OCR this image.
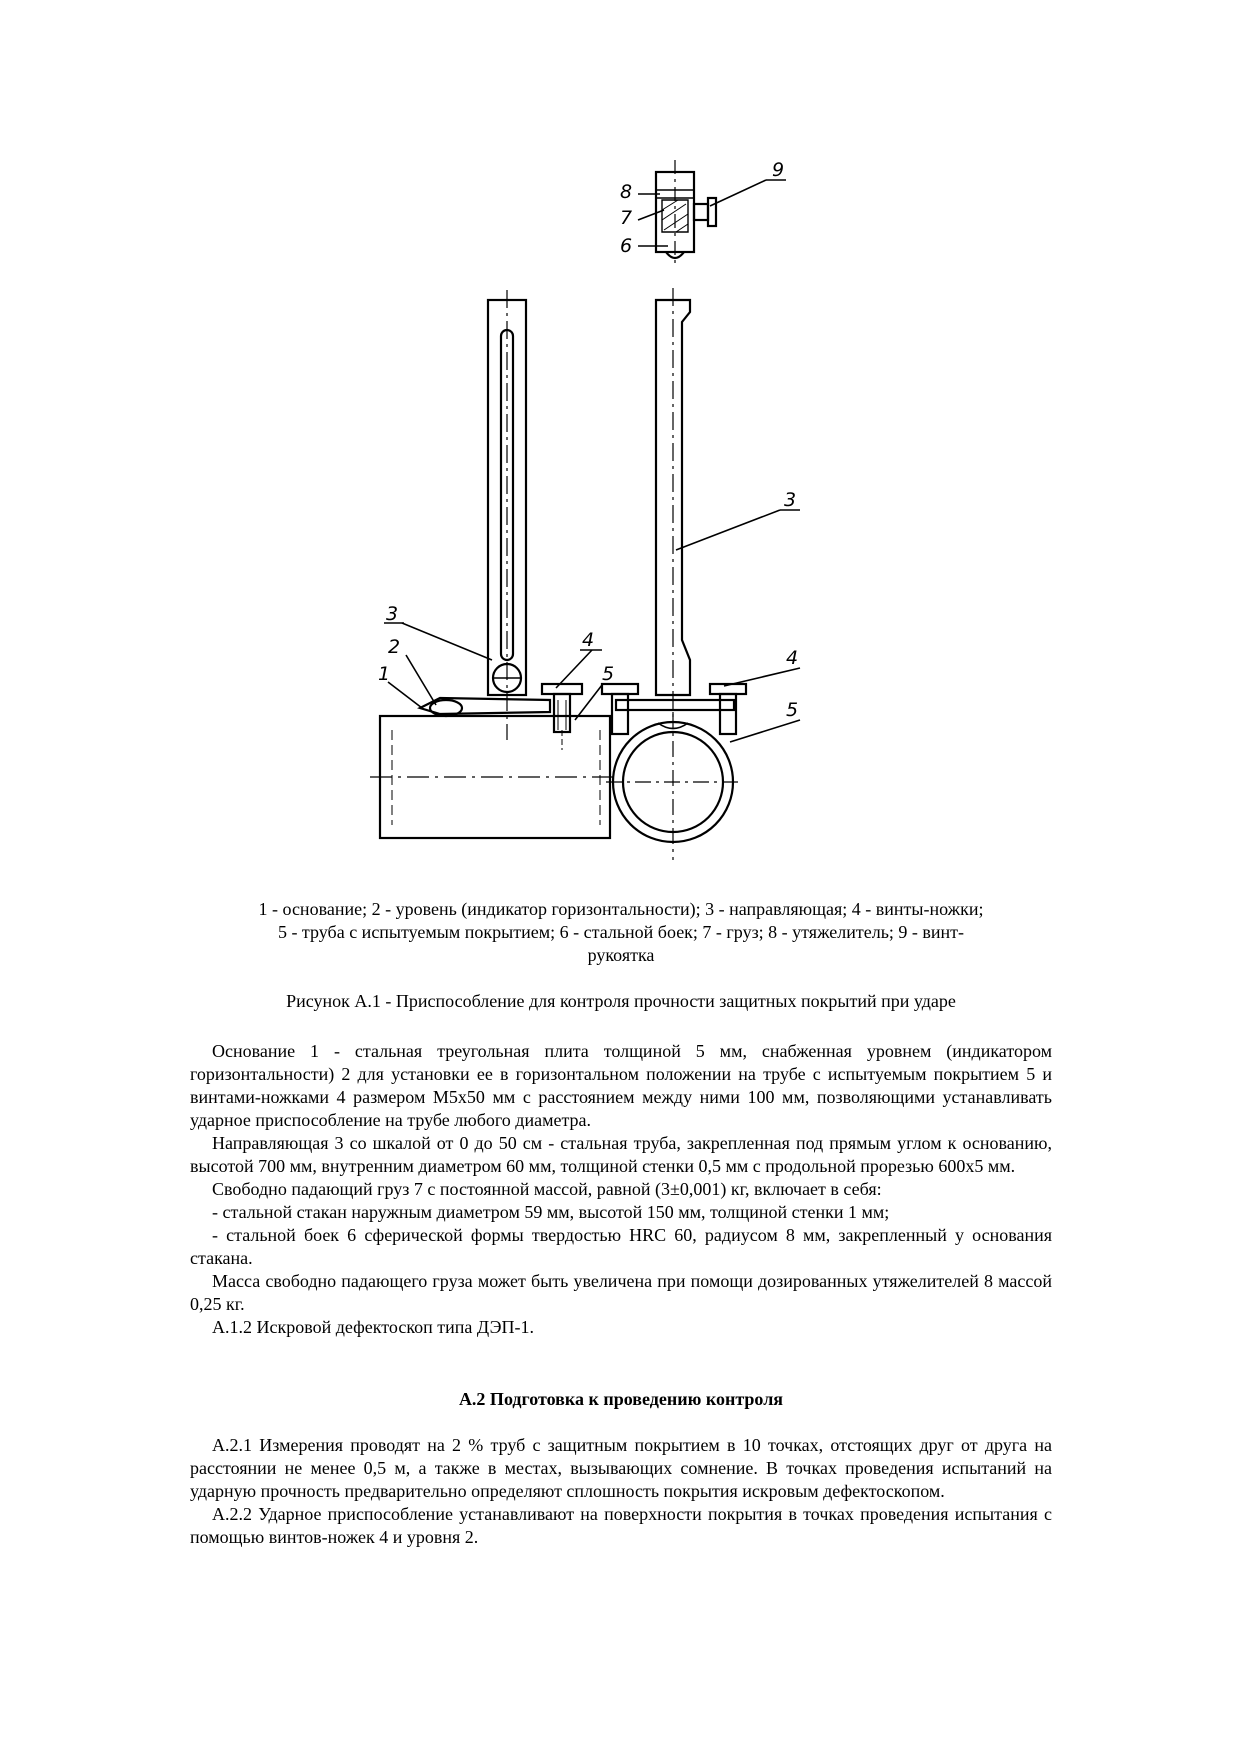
3
2
1
4
5
8
7
6
9
3
4
5
1 - основание; 2 - уровень (индикатор горизонтальности); 3 - направляющая; 4 - винты-ножки;
5 - труба с испытуемым покрытием; 6 - стальной боек; 7 - груз; 8 - утяжелитель; 9 - винт-
рукоятка
Рисунок А.1 - Приспособление для контроля прочности защитных покрытий при ударе

Основание 1 - стальная треугольная плита толщиной 5 мм, снабженная уровнем (индикатором горизонтальности) 2 для установки ее в горизонтальном положении на трубе с испытуемым покрытием 5 и винтами-ножками 4 размером М5х50 мм с расстоянием между ними 100 мм, позволяющими устанавливать ударное приспособление на трубе любого диаметра.

Направляющая 3 со шкалой от 0 до 50 см - стальная труба, закрепленная под прямым углом к основанию, высотой 700 мм, внутренним диаметром 60 мм, толщиной стенки 0,5 мм с продольной прорезью 600х5 мм.

Свободно падающий груз 7 с постоянной массой, равной (3±0,001) кг, включает в себя:

- стальной стакан наружным диаметром 59 мм, высотой 150 мм, толщиной стенки 1 мм;

- стальной боек 6 сферической формы твердостью HRC 60, радиусом 8 мм, закрепленный у основания стакана.

Масса свободно падающего груза может быть увеличена при помощи дозированных утяжелителей 8 массой 0,25 кг.

А.1.2 Искровой дефектоскоп типа ДЭП-1.

А.2 Подготовка к проведению контроля

А.2.1 Измерения проводят на 2 % труб с защитным покрытием в 10 точках, отстоящих друг от друга на расстоянии не менее 0,5 м, а также в местах, вызывающих сомнение. В точках проведения испытаний на ударную прочность предварительно определяют сплошность покрытия искровым дефектоскопом.

А.2.2 Ударное приспособление устанавливают на поверхности покрытия в точках проведения испытания с помощью винтов-ножек 4 и уровня 2.
